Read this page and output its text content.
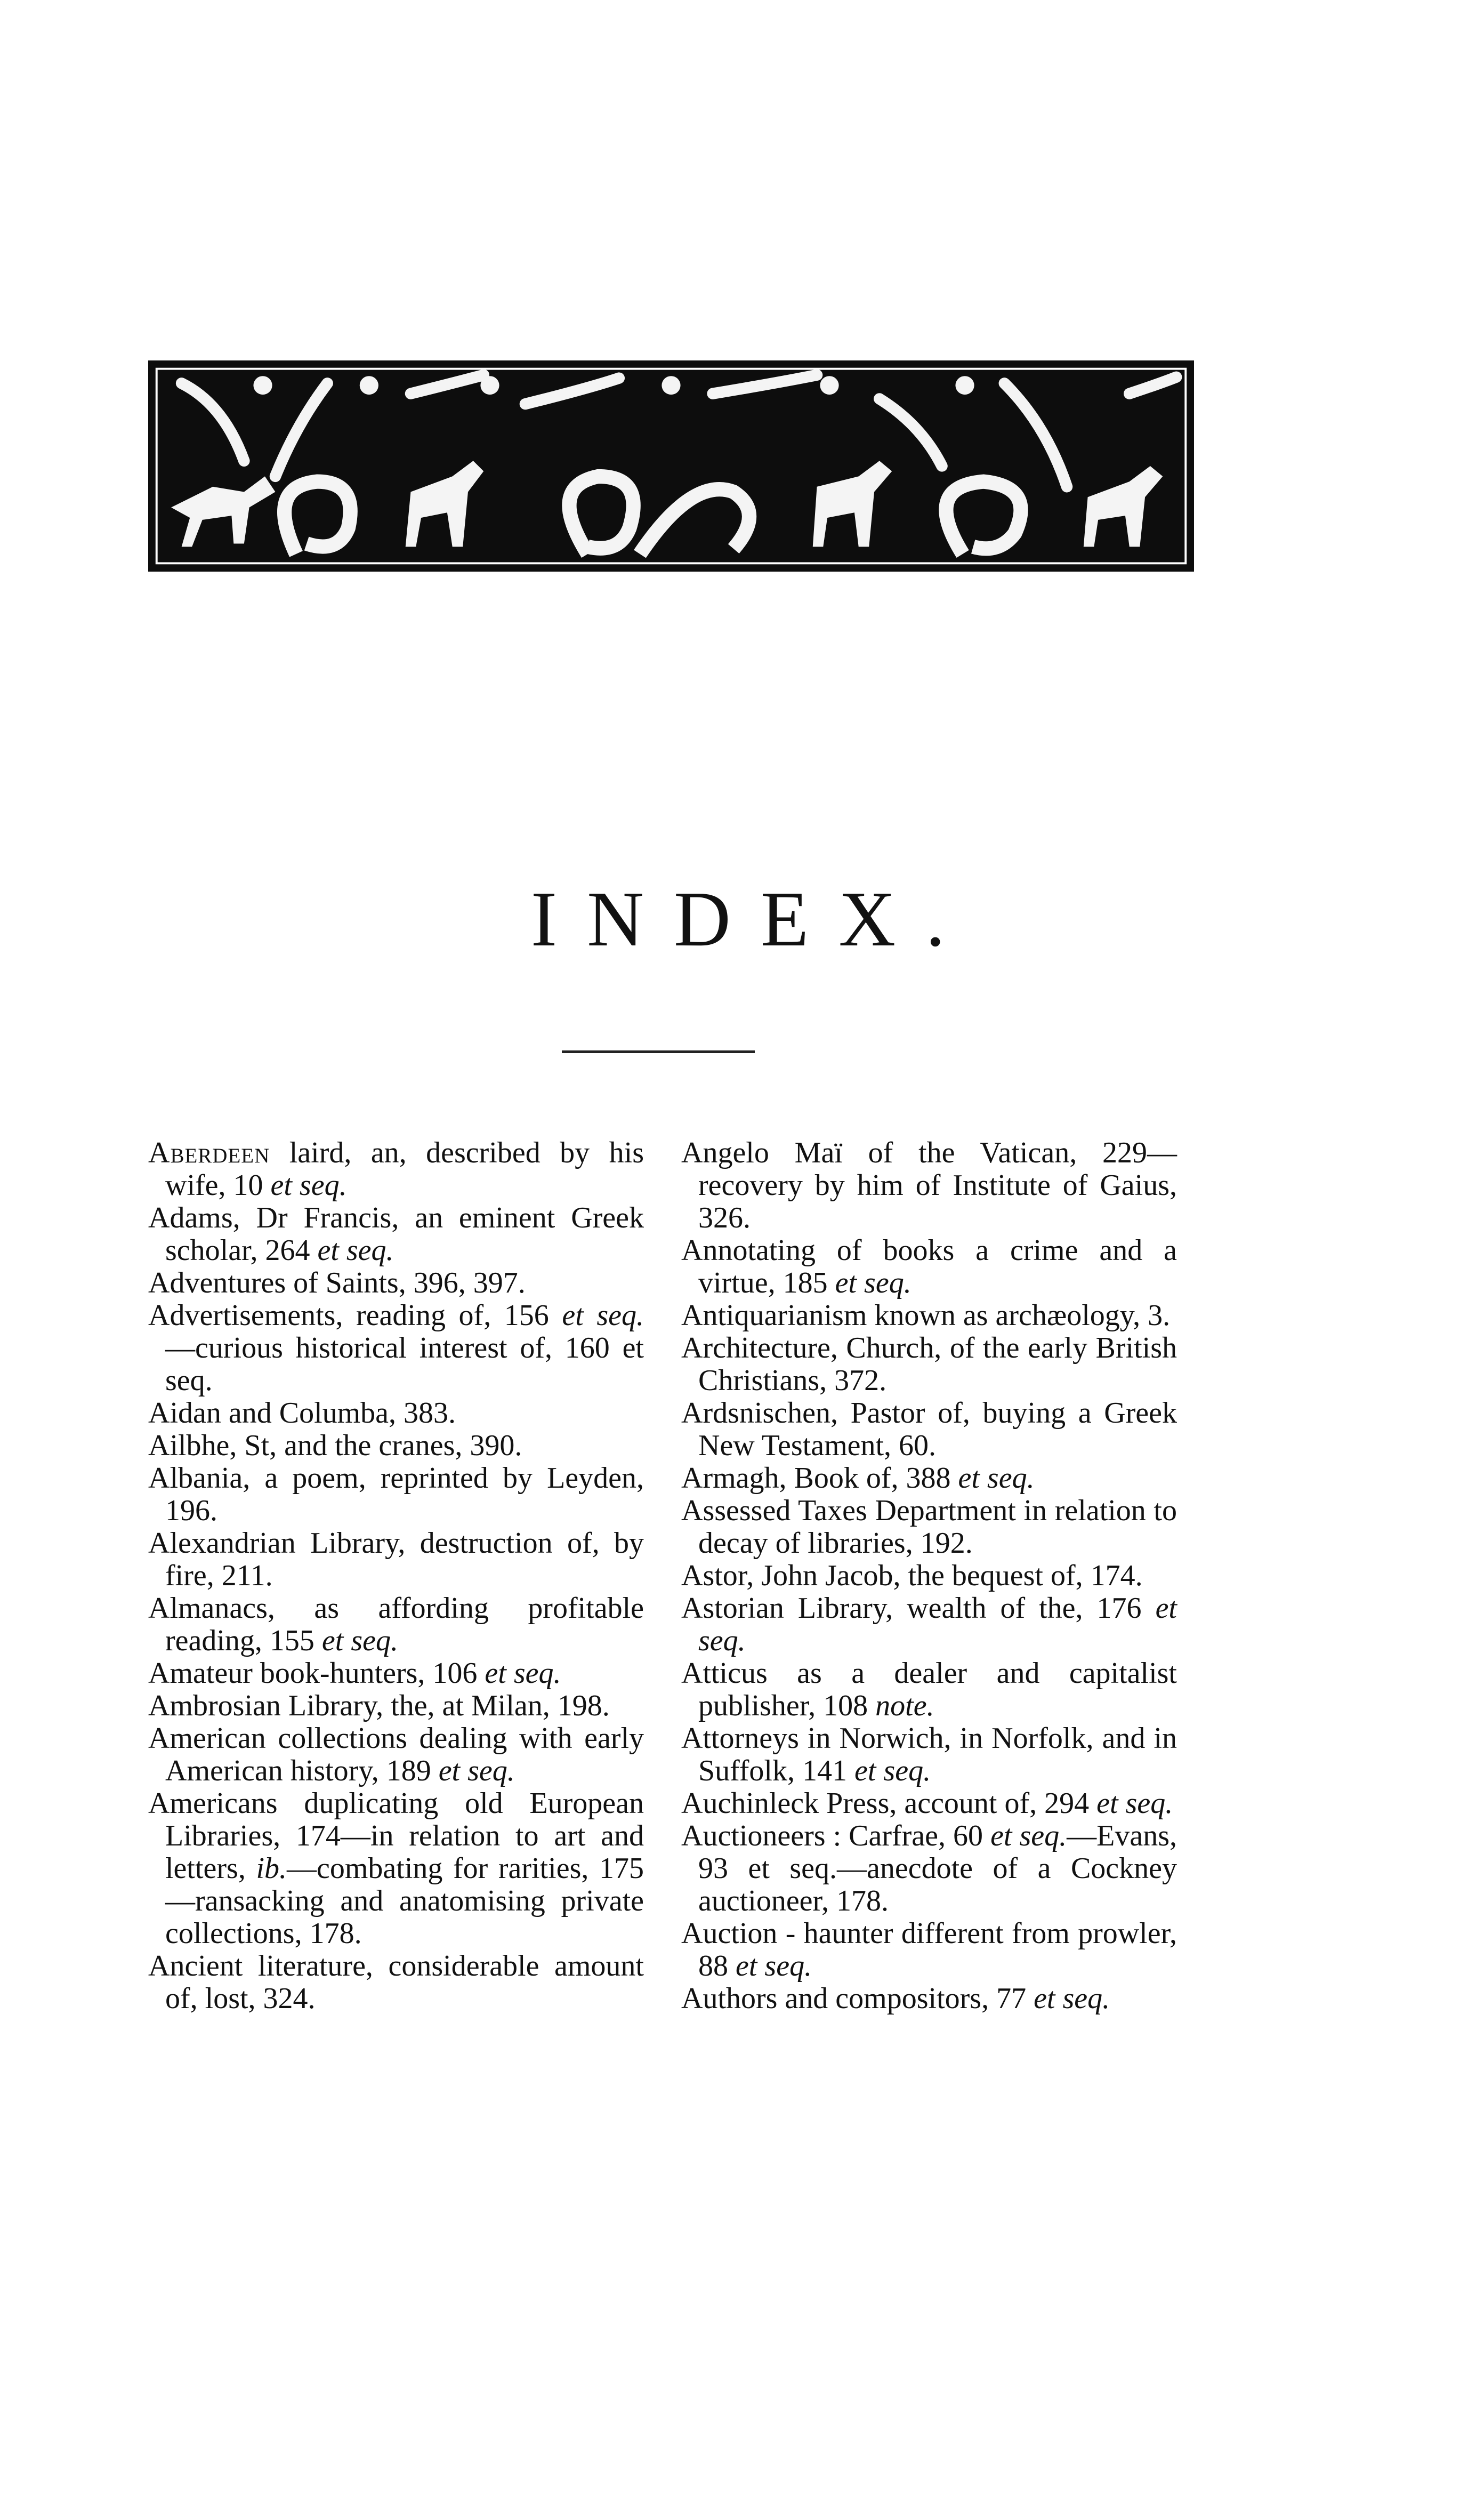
INDEX.

Aberdeen laird, an, described by his wife, 10 et seq.

Adams, Dr Francis, an eminent Greek scholar, 264 et seq.

Adventures of Saints, 396, 397.

Advertisements, reading of, 156 et seq.—curious historical interest of, 160 et seq.

Aidan and Columba, 383.

Ailbhe, St, and the cranes, 390.

Albania, a poem, reprinted by Leyden, 196.

Alexandrian Library, destruction of, by fire, 211.

Almanacs, as affording profitable reading, 155 et seq.

Amateur book-hunters, 106 et seq.

Ambrosian Library, the, at Milan, 198.

American collections dealing with early American history, 189 et seq.

Americans duplicating old European Libraries, 174—in relation to art and letters, ib.—combating for rarities, 175—ransacking and anatomising private collections, 178.

Ancient literature, considerable amount of, lost, 324.

Angelo Maï of the Vatican, 229—recovery by him of Institute of Gaius, 326.

Annotating of books a crime and a virtue, 185 et seq.

Antiquarianism known as archæology, 3.

Architecture, Church, of the early British Christians, 372.

Ardsnischen, Pastor of, buying a Greek New Testament, 60.

Armagh, Book of, 388 et seq.

Assessed Taxes Department in relation to decay of libraries, 192.

Astor, John Jacob, the bequest of, 174.

Astorian Library, wealth of the, 176 et seq.

Atticus as a dealer and capitalist publisher, 108 note.

Attorneys in Norwich, in Norfolk, and in Suffolk, 141 et seq.

Auchinleck Press, account of, 294 et seq.

Auctioneers : Carfrae, 60 et seq.—Evans, 93 et seq.—anecdote of a Cockney auctioneer, 178.

Auction - haunter different from prowler, 88 et seq.

Authors and compositors, 77 et seq.
